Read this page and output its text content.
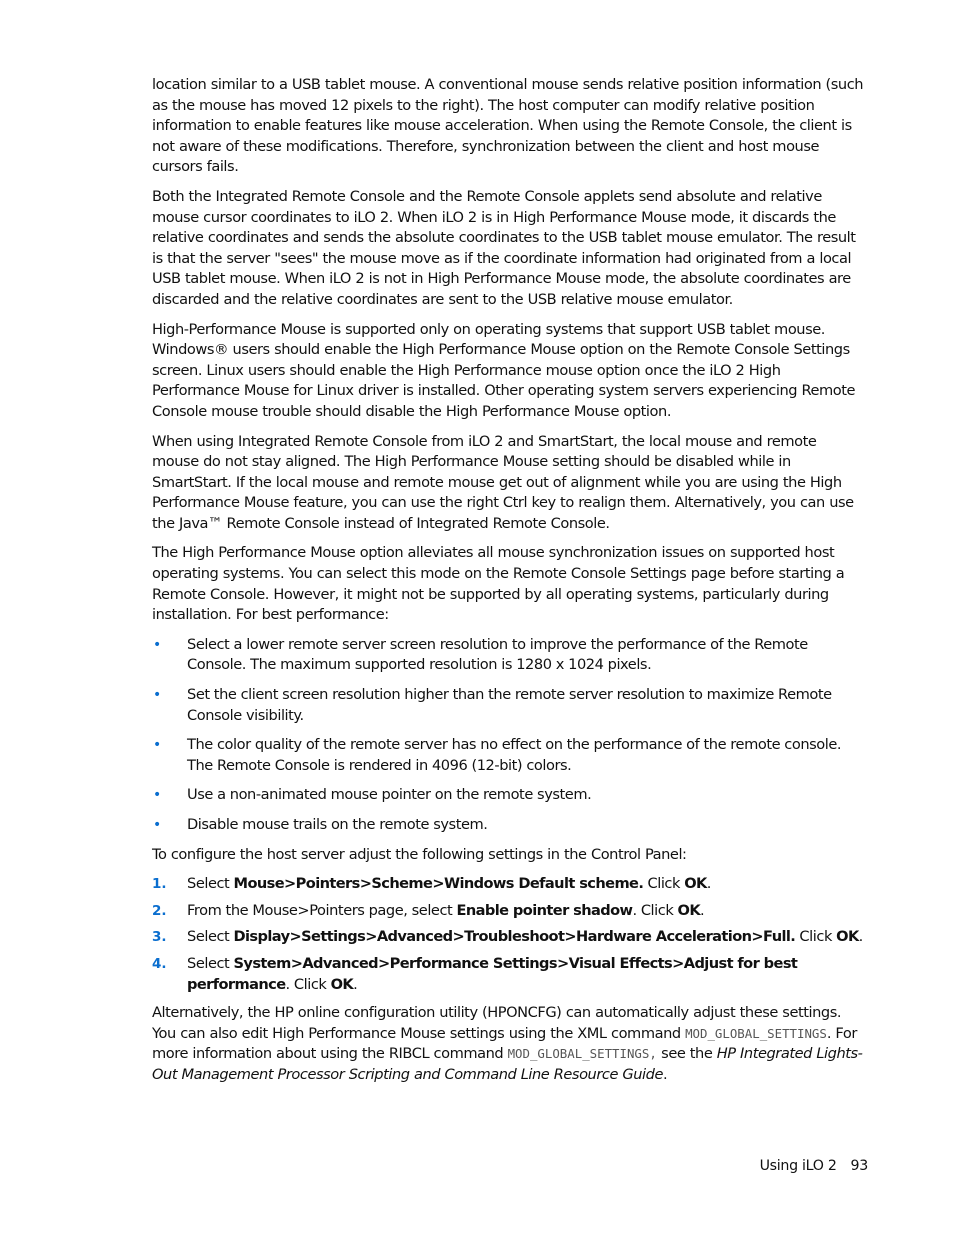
location similar to a USB tablet mouse. A conventional mouse sends relative position information (such as the mouse has moved 12 pixels to the right). The host computer can modify relative position information to enable features like mouse acceleration. When using the Remote Console, the client is not aware of these modifications. Therefore, synchronization between the client and host mouse cursors fails.

Both the Integrated Remote Console and the Remote Console applets send absolute and relative mouse cursor coordinates to iLO 2. When iLO 2 is in High Performance Mouse mode, it discards the relative coordinates and sends the absolute coordinates to the USB tablet mouse emulator. The result is that the server "sees" the mouse move as if the coordinate information had originated from a local USB tablet mouse. When iLO 2 is not in High Performance Mouse mode, the absolute coordinates are discarded and the relative coordinates are sent to the USB relative mouse emulator.

High-Performance Mouse is supported only on operating systems that support USB tablet mouse. Windows® users should enable the High Performance Mouse option on the Remote Console Settings screen. Linux users should enable the High Performance mouse option once the iLO 2 High Performance Mouse for Linux driver is installed. Other operating system servers experiencing Remote Console mouse trouble should disable the High Performance Mouse option.

When using Integrated Remote Console from iLO 2 and SmartStart, the local mouse and remote mouse do not stay aligned. The High Performance Mouse setting should be disabled while in SmartStart. If the local mouse and remote mouse get out of alignment while you are using the High Performance Mouse feature, you can use the right Ctrl key to realign them. Alternatively, you can use the Java™ Remote Console instead of Integrated Remote Console.

The High Performance Mouse option alleviates all mouse synchronization issues on supported host operating systems. You can select this mode on the Remote Console Settings page before starting a Remote Console. However, it might not be supported by all operating systems, particularly during installation. For best performance:

• Select a lower remote server screen resolution to improve the performance of the Remote Console. The maximum supported resolution is 1280 x 1024 pixels.
• Set the client screen resolution higher than the remote server resolution to maximize Remote Console visibility.
• The color quality of the remote server has no effect on the performance of the remote console. The Remote Console is rendered in 4096 (12-bit) colors.
• Use a non-animated mouse pointer on the remote system.
• Disable mouse trails on the remote system.

To configure the host server adjust the following settings in the Control Panel:

1. Select Mouse>Pointers>Scheme>Windows Default scheme. Click OK.
2. From the Mouse>Pointers page, select Enable pointer shadow. Click OK.
3. Select Display>Settings>Advanced>Troubleshoot>Hardware Acceleration>Full. Click OK.
4. Select System>Advanced>Performance Settings>Visual Effects>Adjust for best performance. Click OK.

Alternatively, the HP online configuration utility (HPONCFG) can automatically adjust these settings. You can also edit High Performance Mouse settings using the XML command MOD_GLOBAL_SETTINGS. For more information about using the RIBCL command MOD_GLOBAL_SETTINGS, see the HP Integrated Lights-Out Management Processor Scripting and Command Line Resource Guide.

Using iLO 2 93
